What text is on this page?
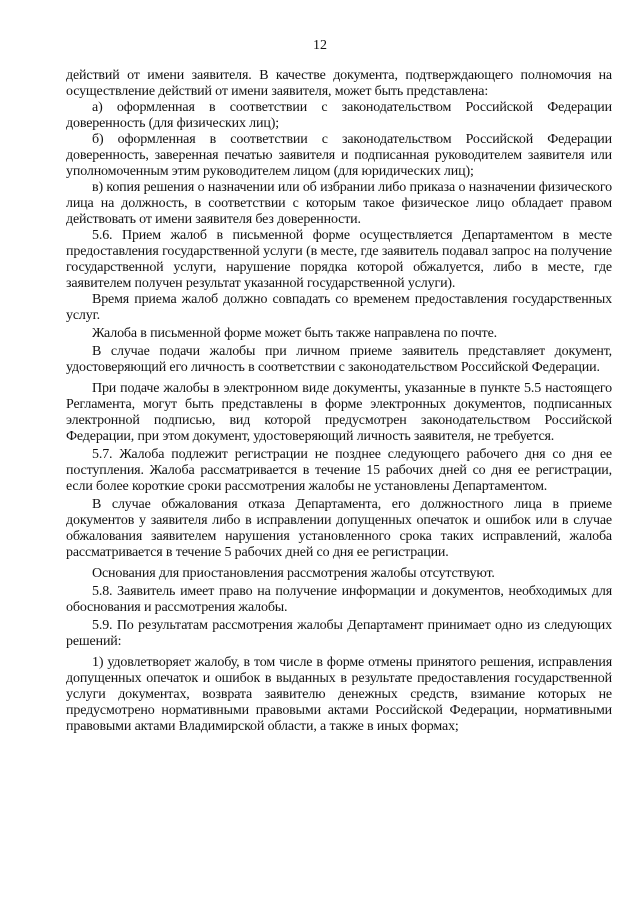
12

действий от имени заявителя. В качестве документа, подтверждающего полномочия на осуществление действий от имени заявителя, может быть представлена:

а) оформленная в соответствии с законодательством Российской Федерации доверенность (для физических лиц);

б) оформленная в соответствии с законодательством Российской Федерации доверенность, заверенная печатью заявителя и подписанная руководителем заявителя или уполномоченным этим руководителем лицом (для юридических лиц);

в) копия решения о назначении или об избрании либо приказа о назначении физического лица на должность, в соответствии с которым такое физическое лицо обладает правом действовать от имени заявителя без доверенности.

5.6. Прием жалоб в письменной форме осуществляется Департаментом в месте предоставления государственной услуги (в месте, где заявитель подавал запрос на получение государственной услуги, нарушение порядка которой обжалуется, либо в месте, где заявителем получен результат указанной государственной услуги).

Время приема жалоб должно совпадать со временем предоставления государственных услуг.

Жалоба в письменной форме может быть также направлена по почте.

В случае подачи жалобы при личном приеме заявитель представляет документ, удостоверяющий его личность в соответствии с законодательством Российской Федерации.

При подаче жалобы в электронном виде документы, указанные в пункте 5.5 настоящего Регламента, могут быть представлены в форме электронных документов, подписанных электронной подписью, вид которой предусмотрен законодательством Российской Федерации, при этом документ, удостоверяющий личность заявителя, не требуется.

5.7. Жалоба подлежит регистрации не позднее следующего рабочего дня со дня ее поступления. Жалоба рассматривается в течение 15 рабочих дней со дня ее регистрации, если более короткие сроки рассмотрения жалобы не установлены Департаментом.

В случае обжалования отказа Департамента, его должностного лица в приеме документов у заявителя либо в исправлении допущенных опечаток и ошибок или в случае обжалования заявителем нарушения установленного срока таких исправлений, жалоба рассматривается в течение 5 рабочих дней со дня ее регистрации.

Основания для приостановления рассмотрения жалобы отсутствуют.

5.8. Заявитель имеет право на получение информации и документов, необходимых для обоснования и рассмотрения жалобы.

5.9. По результатам рассмотрения жалобы Департамент принимает одно из следующих решений:

1) удовлетворяет жалобу, в том числе в форме отмены принятого решения, исправления допущенных опечаток и ошибок в выданных в результате предоставления государственной услуги документах, возврата заявителю денежных средств, взимание которых не предусмотрено нормативными правовыми актами Российской Федерации, нормативными правовыми актами Владимирской области, а также в иных формах;
